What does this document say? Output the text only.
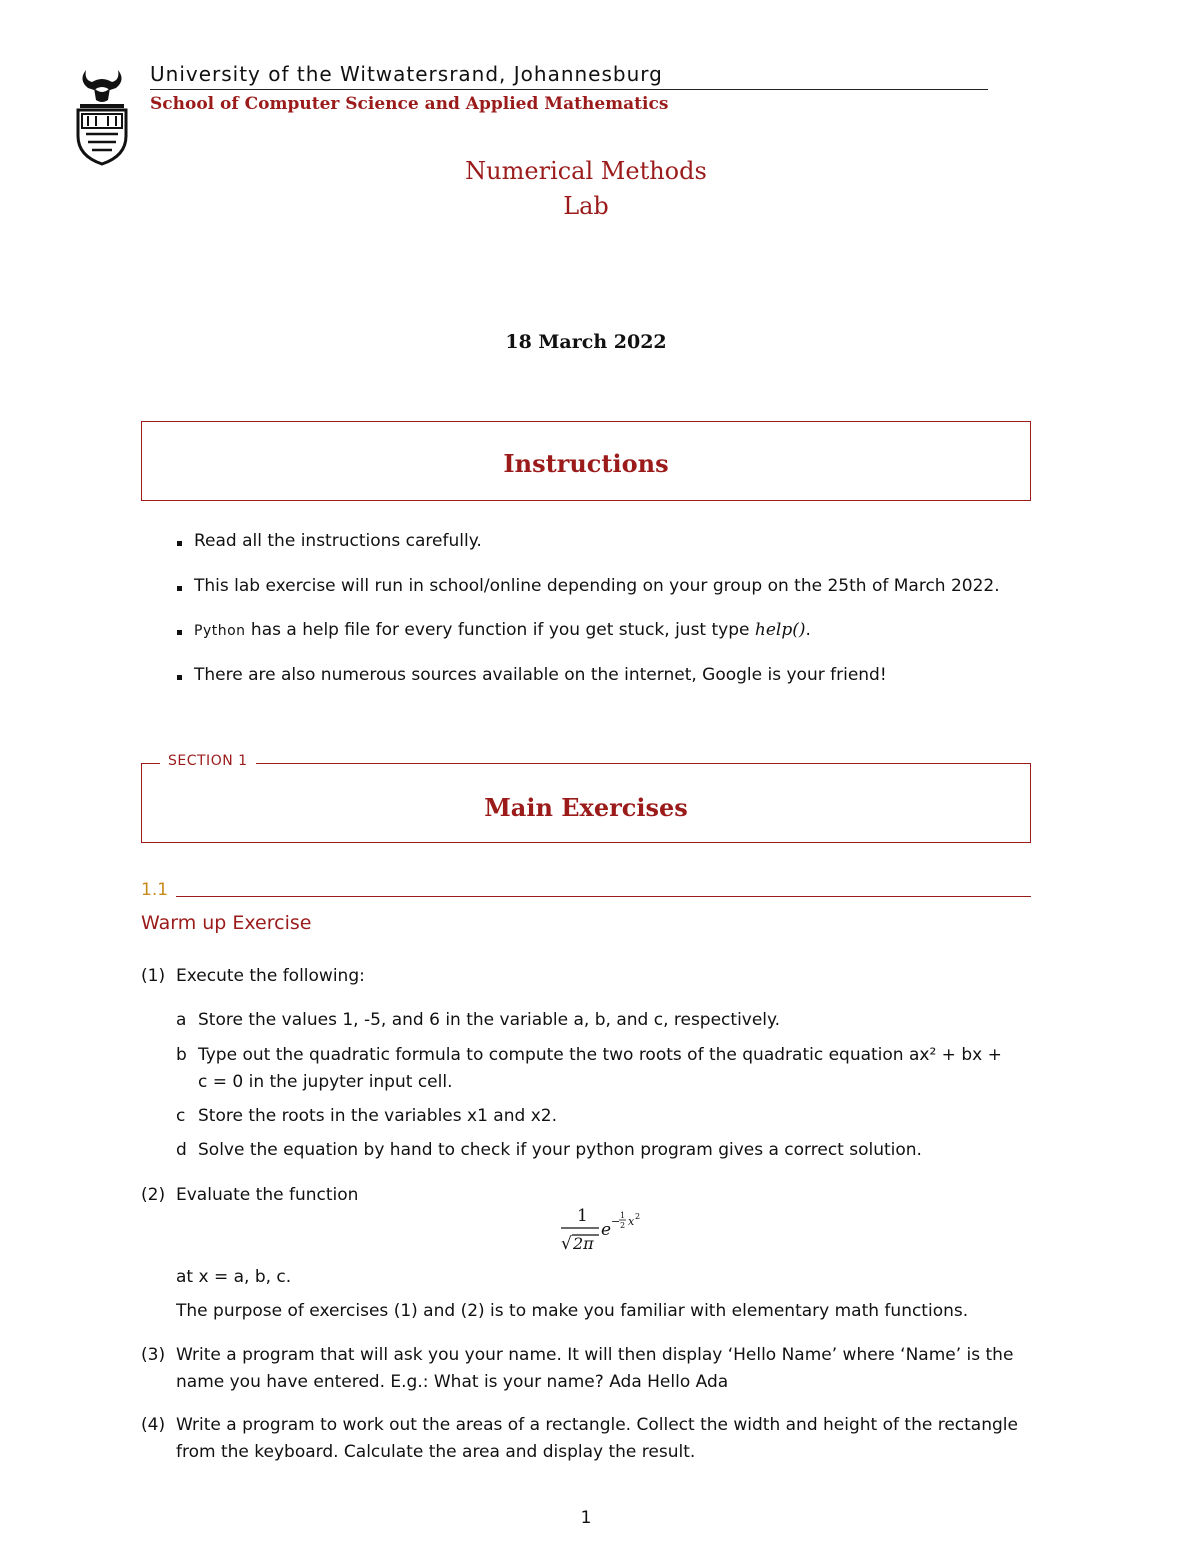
University of the Witwatersrand, Johannesburg
School of Computer Science and Applied Mathematics
Numerical Methods
Lab
18 March 2022
Instructions
Read all the instructions carefully.
This lab exercise will run in school/online depending on your group on the 25th of March 2022.
Python has a help file for every function if you get stuck, just type help().
There are also numerous sources available on the internet, Google is your friend!
SECTION 1
Main Exercises
1.1
Warm up Exercise
(1) Execute the following:
a Store the values 1, -5, and 6 in the variable a, b, and c, respectively.
b Type out the quadratic formula to compute the two roots of the quadratic equation ax² + bx +
c = 0 in the jupyter input cell.
c Store the roots in the variables x1 and x2.
d Solve the equation by hand to check if your python program gives a correct solution.
(2) Evaluate the function
1
√ 2π
e − 1
2 x 2
at x = a, b, c.
The purpose of exercises (1) and (2) is to make you familiar with elementary math functions.
(3) Write a program that will ask you your name. It will then display ‘Hello Name’ where ‘Name’ is the
name you have entered. E.g.: What is your name? Ada Hello Ada
(4) Write a program to work out the areas of a rectangle. Collect the width and height of the rectangle
from the keyboard. Calculate the area and display the result.
1
